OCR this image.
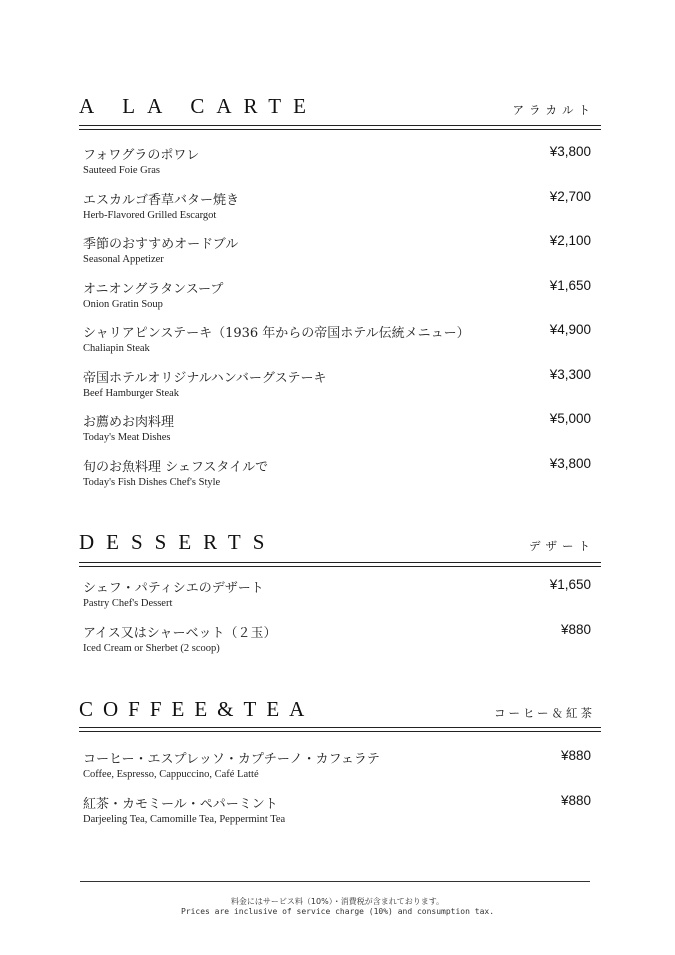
A LA CARTE	アラカルト
フォワグラのポワレ
Sauteed Foie Gras
¥3,800
エスカルゴ香草バター焼き
Herb-Flavored Grilled Escargot
¥2,700
季節のおすすめオードブル
Seasonal Appetizer
¥2,100
オニオングラタンスープ
Onion Gratin Soup
¥1,650
シャリアピンステーキ（1936 年からの帝国ホテル伝統メニュー）
Chaliapin Steak
¥4,900
帝国ホテルオリジナルハンバーグステーキ
Beef Hamburger Steak
¥3,300
お薦めお肉料理
Today's Meat Dishes
¥5,000
旬のお魚料理 シェフスタイルで
Today's Fish Dishes Chef's Style
¥3,800
DESSERTS	デザート
シェフ・パティシエのデザート
Pastry Chef's Dessert
¥1,650
アイス又はシャーベット（２玉）
Iced Cream or Sherbet (2 scoop)
¥880
COFFEE&TEA	コーヒー＆紅茶
コーヒー・エスプレッソ・カプチーノ・カフェラテ
Coffee, Espresso, Cappuccino, Café Latté
¥880
紅茶・カモミール・ペパーミント
Darjeeling Tea, Camomille Tea, Peppermint Tea
¥880
料金にはサービス料（10%）・消費税が含まれております。
Prices are inclusive of service charge (10%) and consumption tax.
